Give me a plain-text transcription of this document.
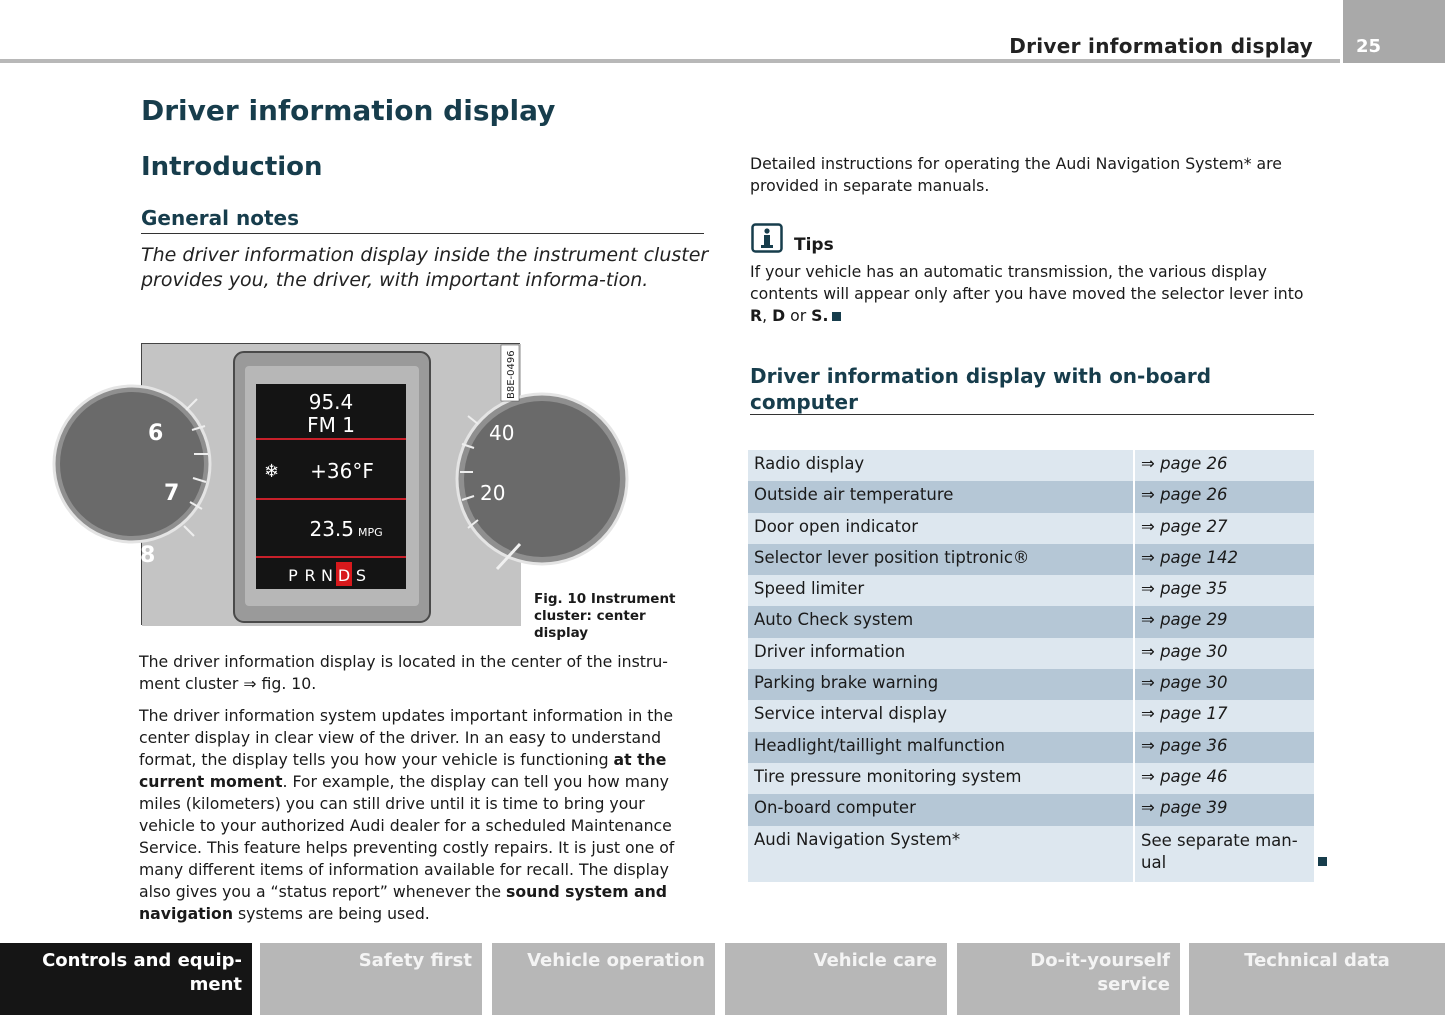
Driver information display 25
Driver information display
Introduction
General notes
The driver information display inside the instrument cluster provides you, the driver, with important informa-tion.
6
7
8
40
20
95.4
FM 1
❄ +36°F
23.5 MPG
P R N D S
B8E-0496
Fig. 10 Instrument cluster: center display
The driver information display is located in the center of the instru-ment cluster ⇒ fig. 10.
The driver information system updates important information in the center display in clear view of the driver. In an easy to understand format, the display tells you how your vehicle is functioning at the current moment. For example, the display can tell you how many miles (kilometers) you can still drive until it is time to bring your vehicle to your authorized Audi dealer for a scheduled Maintenance Service. This feature helps preventing costly repairs. It is just one of many different items of information available for recall. The display also gives you a “status report” whenever the sound system and navigation systems are being used.
Detailed instructions for operating the Audi Navigation System* are provided in separate manuals.
Tips
If your vehicle has an automatic transmission, the various display contents will appear only after you have moved the selector lever into R, D or S.
Driver information display with on-board computer
Radio display	⇒ page 26
Outside air temperature	⇒ page 26
Door open indicator	⇒ page 27
Selector lever position tiptronic®	⇒ page 142
Speed limiter	⇒ page 35
Auto Check system	⇒ page 29
Driver information	⇒ page 30
Parking brake warning	⇒ page 30
Service interval display	⇒ page 17
Headlight/taillight malfunction	⇒ page 36
Tire pressure monitoring system	⇒ page 46
On-board computer	⇒ page 39
Audi Navigation System*	See separate man-ual
Controls and equip-ment
Safety first	Vehicle operation	Vehicle care	Do-it-yourself service
Technical data
